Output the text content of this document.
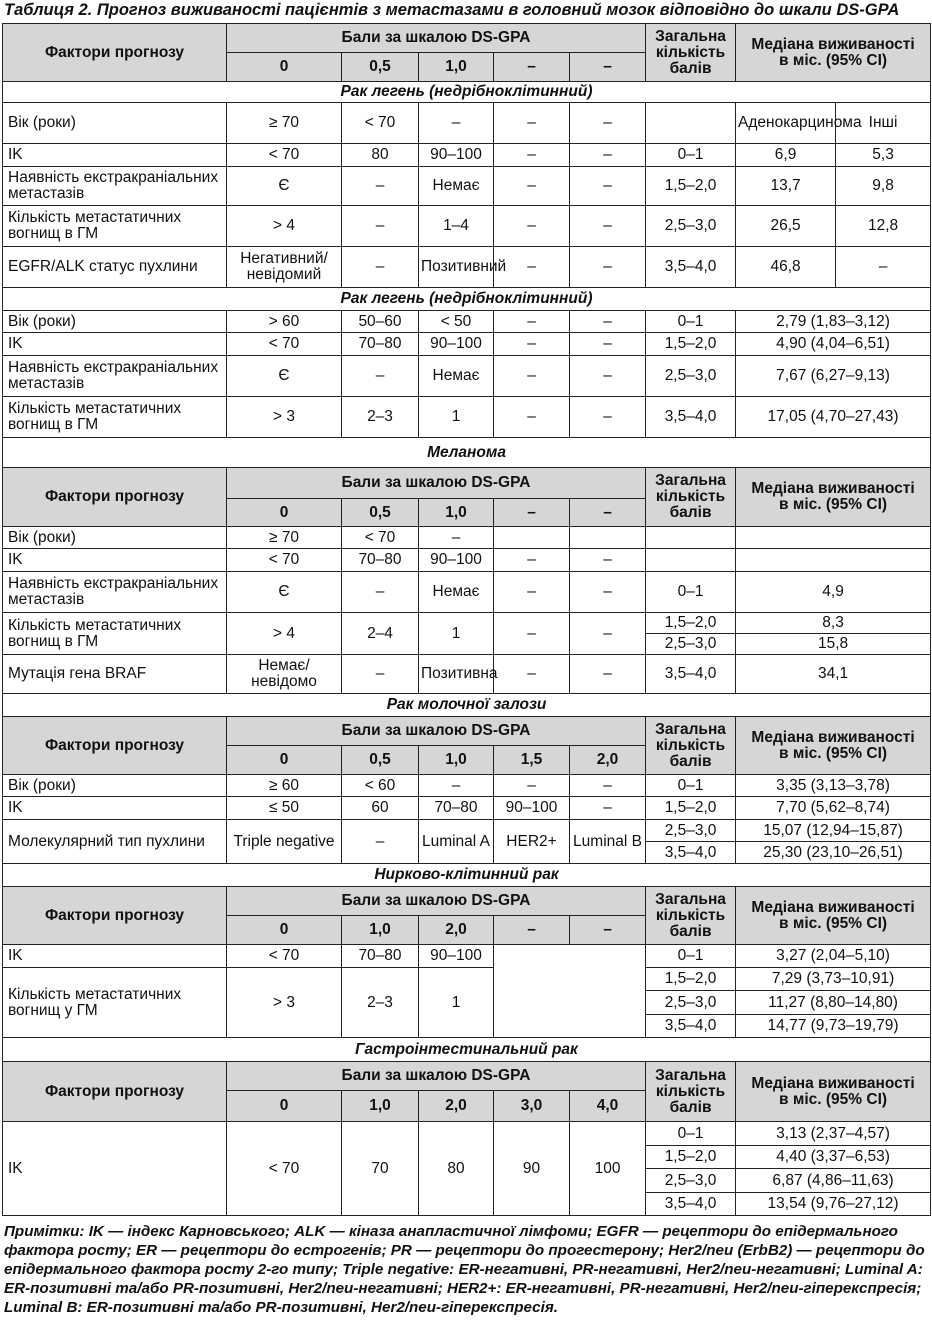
Таблиця 2. Прогноз виживаності пацієнтів з метастазами в головний мозок відповідно до шкали DS-GPA
Фактори прогнозу	Бали за шкалою DS-GPA					Загальна
кількість
балів	Медіана виживаності
в міс. (95% CI)	
	0	0,5	1,0	–	–			
Рак легень (недрібноклітинний)								
Вік (роки)	≥ 70	< 70	–	–	–		Аденокарцинома	Інші
IK	< 70	80	90–100	–	–	0–1	6,9	5,3
Наявність екстракраніальних метастазів	Є	–	Немає	–	–	1,5–2,0	13,7	9,8
Кількість метастатичних вогнищ в ГМ	> 4	–	1–4	–	–	2,5–3,0	26,5	12,8
EGFR/ALK статус пухлини	Негативний/ невідомий	–	Позитивний	–	–	3,5–4,0	46,8	–
Рак легень (недрібноклітинний)								
Вік (роки)	> 60	50–60	< 50	–	–	0–1	2,79 (1,83–3,12)	
IK	< 70	70–80	90–100	–	–	1,5–2,0	4,90 (4,04–6,51)	
Наявність екстракраніальних метастазів	Є	–	Немає	–	–	2,5–3,0	7,67 (6,27–9,13)	
Кількість метастатичних вогнищ в ГМ	> 3	2–3	1	–	–	3,5–4,0	17,05 (4,70–27,43)	
Меланома								
Фактори прогнозу	Бали за шкалою DS-GPA					Загальна
кількість
балів	Медіана виживаності
в міс. (95% CI)	
	0	0,5	1,0	–	–			
Вік (роки)	≥ 70	< 70	–					
IK	< 70	70–80	90–100	–	–			
Наявність екстракраніальних метастазів	Є	–	Немає	–	–	0–1	4,9	
Кількість метастатичних вогнищ в ГМ	> 4	2–4	1	–	–	1,5–2,0	8,3	
						2,5–3,0	15,8	
Мутація гена BRAF	Немає/ невідомо	–	Позитивна	–	–	3,5–4,0	34,1	
Рак молочної залози								
Фактори прогнозу	Бали за шкалою DS-GPA					Загальна
кількість
балів	Медіана виживаності
в міс. (95% CI)	
	0	0,5	1,0	1,5	2,0			
Вік (роки)	≥ 60	< 60	–	–	–	0–1	3,35 (3,13–3,78)	
IK	≤ 50	60	70–80	90–100	–	1,5–2,0	7,70 (5,62–8,74)	
Молекулярний тип пухлини	Triple negative	–	Luminal A	HER2+	Luminal B	2,5–3,0	15,07 (12,94–15,87)	
						3,5–4,0	25,30 (23,10–26,51)	
Нирково-клітинний рак								
Фактори прогнозу	Бали за шкалою DS-GPA					Загальна
кількість
балів	Медіана виживаності
в міс. (95% CI)	
	0	1,0	2,0	–	–			
IK	< 70	70–80	90–100			0–1	3,27 (2,04–5,10)	
Кількість метастатичних вогнищ у ГМ	> 3	2–3	1			1,5–2,0	7,29 (3,73–10,91)	
						2,5–3,0	11,27 (8,80–14,80)	
						3,5–4,0	14,77 (9,73–19,79)	
Гастроінтестинальний рак								
Фактори прогнозу	Бали за шкалою DS-GPA					Загальна
кількість
балів	Медіана виживаності
в міс. (95% CI)	
	0	1,0	2,0	3,0	4,0			
IK	< 70	70	80	90	100	0–1	3,13 (2,37–4,57)	
						1,5–2,0	4,40 (3,37–6,53)	
						2,5–3,0	6,87 (4,86–11,63)	
						3,5–4,0	13,54 (9,76–27,12)	
Примітки: IK — індекс Карновського; ALK — кіназа анапластичної лімфоми; EGFR — рецептори до епідермального фактора росту; ER — рецептори до естрогенів; PR — рецептори до прогестерону; Her2/neu (ErbB2) — рецептори до епідермального фактора росту 2-го типу; Triple negative: ER-негативні, PR-негативні, Her2/neu-негативні; Luminal A: ER-позитивні та/або PR-позитивні, Her2/neu-негативні; HER2+: ER-негативні, PR-негативні, Her2/neu-гіперекспресія; Luminal B: ER-позитивні та/або PR-позитивні, Her2/neu-гіперекспресія.
